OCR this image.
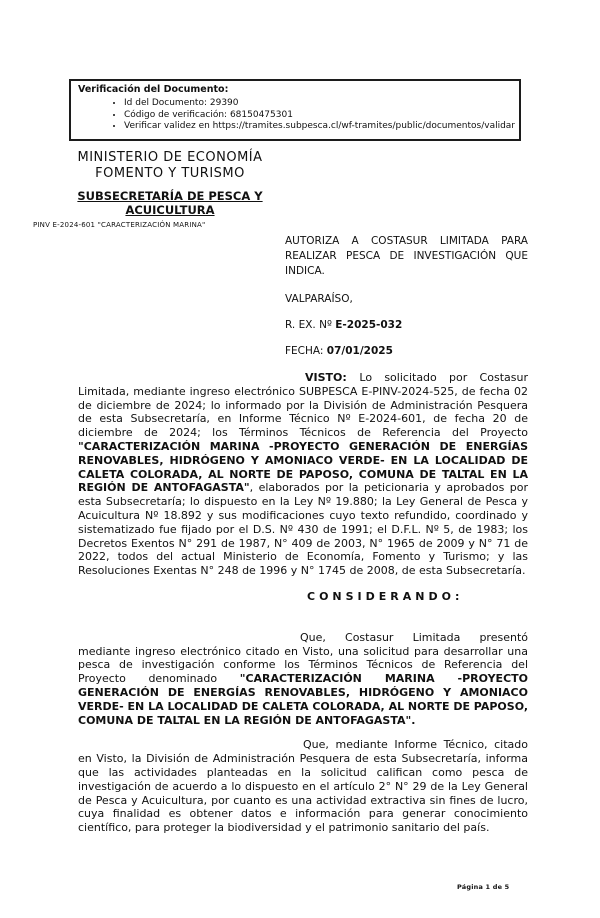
Verificación del Documento:
• Id del Documento: 29390
• Código de verificación: 68150475301
• Verificar validez en https://tramites.subpesca.cl/wf-tramites/public/documentos/validar
MINISTERIO DE ECONOMÍA
FOMENTO Y TURISMO
SUBSECRETARÍA DE PESCA Y ACUICULTURA
PINV E-2024-601 "CARACTERIZACIÓN MARINA"
AUTORIZA A COSTASUR LIMITADA PARA REALIZAR PESCA DE INVESTIGACIÓN QUE INDICA.
VALPARAÍSO,
R. EX. Nº E-2025-032
FECHA: 07/01/2025

VISTO: Lo solicitado por Costasur Limitada, mediante ingreso electrónico SUBPESCA E-PINV-2024-525, de fecha 02 de diciembre de 2024; lo informado por la División de Administración Pesquera de esta Subsecretaría, en Informe Técnico Nº E-2024-601, de fecha 20 de diciembre de 2024; los Términos Técnicos de Referencia del Proyecto "CARACTERIZACIÓN MARINA -PROYECTO GENERACIÓN DE ENERGÍAS RENOVABLES, HIDRÓGENO Y AMONIACO VERDE- EN LA LOCALIDAD DE CALETA COLORADA, AL NORTE DE PAPOSO, COMUNA DE TALTAL EN LA REGIÓN DE ANTOFAGASTA", elaborados por la peticionaria y aprobados por esta Subsecretaría; lo dispuesto en la Ley Nº 19.880; la Ley General de Pesca y Acuicultura Nº 18.892 y sus modificaciones cuyo texto refundido, coordinado y sistematizado fue fijado por el D.S. Nº 430 de 1991; el D.F.L. Nº 5, de 1983; los Decretos Exentos N° 291 de 1987, N° 409 de 2003, N° 1965 de 2009 y N° 71 de 2022, todos del actual Ministerio de Economía, Fomento y Turismo; y las Resoluciones Exentas N° 248 de 1996 y N° 1745 de 2008, de esta Subsecretaría.

CONSIDERANDO:

Que, Costasur Limitada presentó mediante ingreso electrónico citado en Visto, una solicitud para desarrollar una pesca de investigación conforme los Términos Técnicos de Referencia del Proyecto denominado "CARACTERIZACIÓN MARINA -PROYECTO GENERACIÓN DE ENERGÍAS RENOVABLES, HIDRÓGENO Y AMONIACO VERDE- EN LA LOCALIDAD DE CALETA COLORADA, AL NORTE DE PAPOSO, COMUNA DE TALTAL EN LA REGIÓN DE ANTOFAGASTA".

Que, mediante Informe Técnico, citado en Visto, la División de Administración Pesquera de esta Subsecretaría, informa que las actividades planteadas en la solicitud califican como pesca de investigación de acuerdo a lo dispuesto en el artículo 2° N° 29 de la Ley General de Pesca y Acuicultura, por cuanto es una actividad extractiva sin fines de lucro, cuya finalidad es obtener datos e información para generar conocimiento científico, para proteger la biodiversidad y el patrimonio sanitario del país.

Página 1 de 5
